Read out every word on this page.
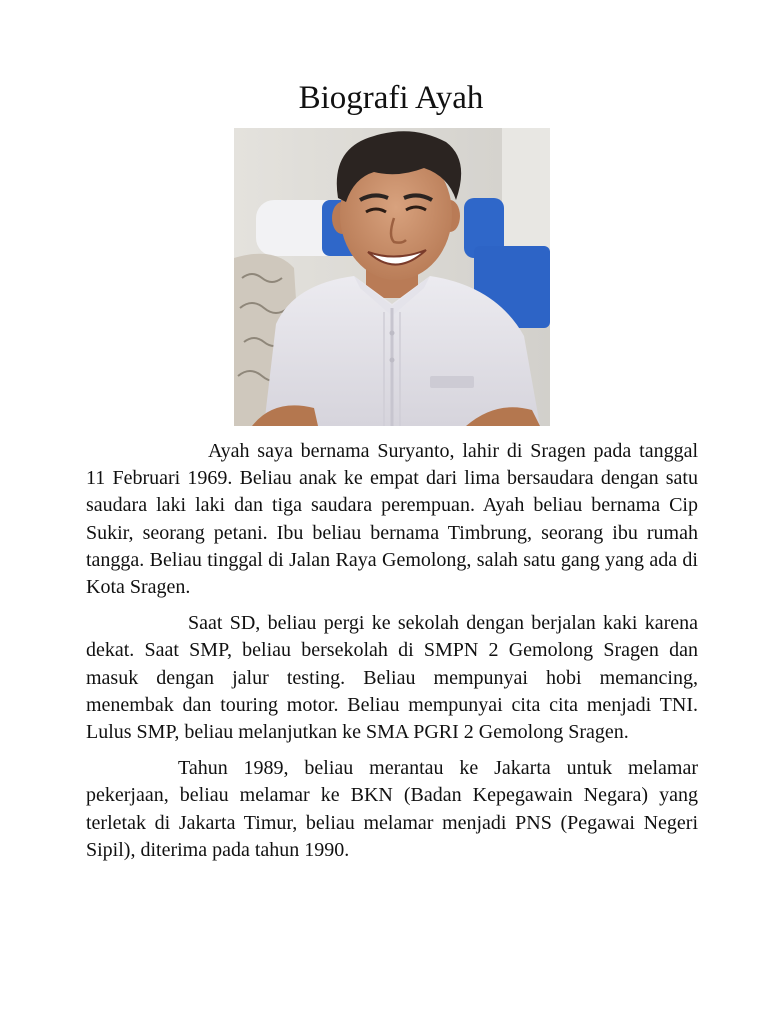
Biografi Ayah

Ayah saya bernama Suryanto, lahir di Sragen pada tanggal 11 Februari 1969. Beliau anak ke empat dari lima bersaudara dengan satu saudara laki laki dan tiga saudara perempuan. Ayah beliau bernama Cip Sukir, seorang petani. Ibu beliau bernama Timbrung, seorang ibu rumah tangga. Beliau tinggal di Jalan Raya Gemolong, salah satu gang yang ada di Kota Sragen.

Saat SD, beliau pergi ke sekolah dengan berjalan kaki karena dekat. Saat SMP, beliau bersekolah di SMPN 2 Gemolong Sragen dan masuk dengan jalur testing. Beliau mempunyai hobi memancing, menembak dan touring motor. Beliau mempunyai cita cita menjadi TNI. Lulus SMP, beliau melanjutkan ke SMA PGRI 2 Gemolong Sragen.

Tahun 1989, beliau merantau ke Jakarta untuk melamar pekerjaan, beliau melamar ke BKN (Badan Kepegawain Negara) yang terletak di Jakarta Timur, beliau melamar menjadi PNS (Pegawai Negeri Sipil), diterima pada tahun 1990.
